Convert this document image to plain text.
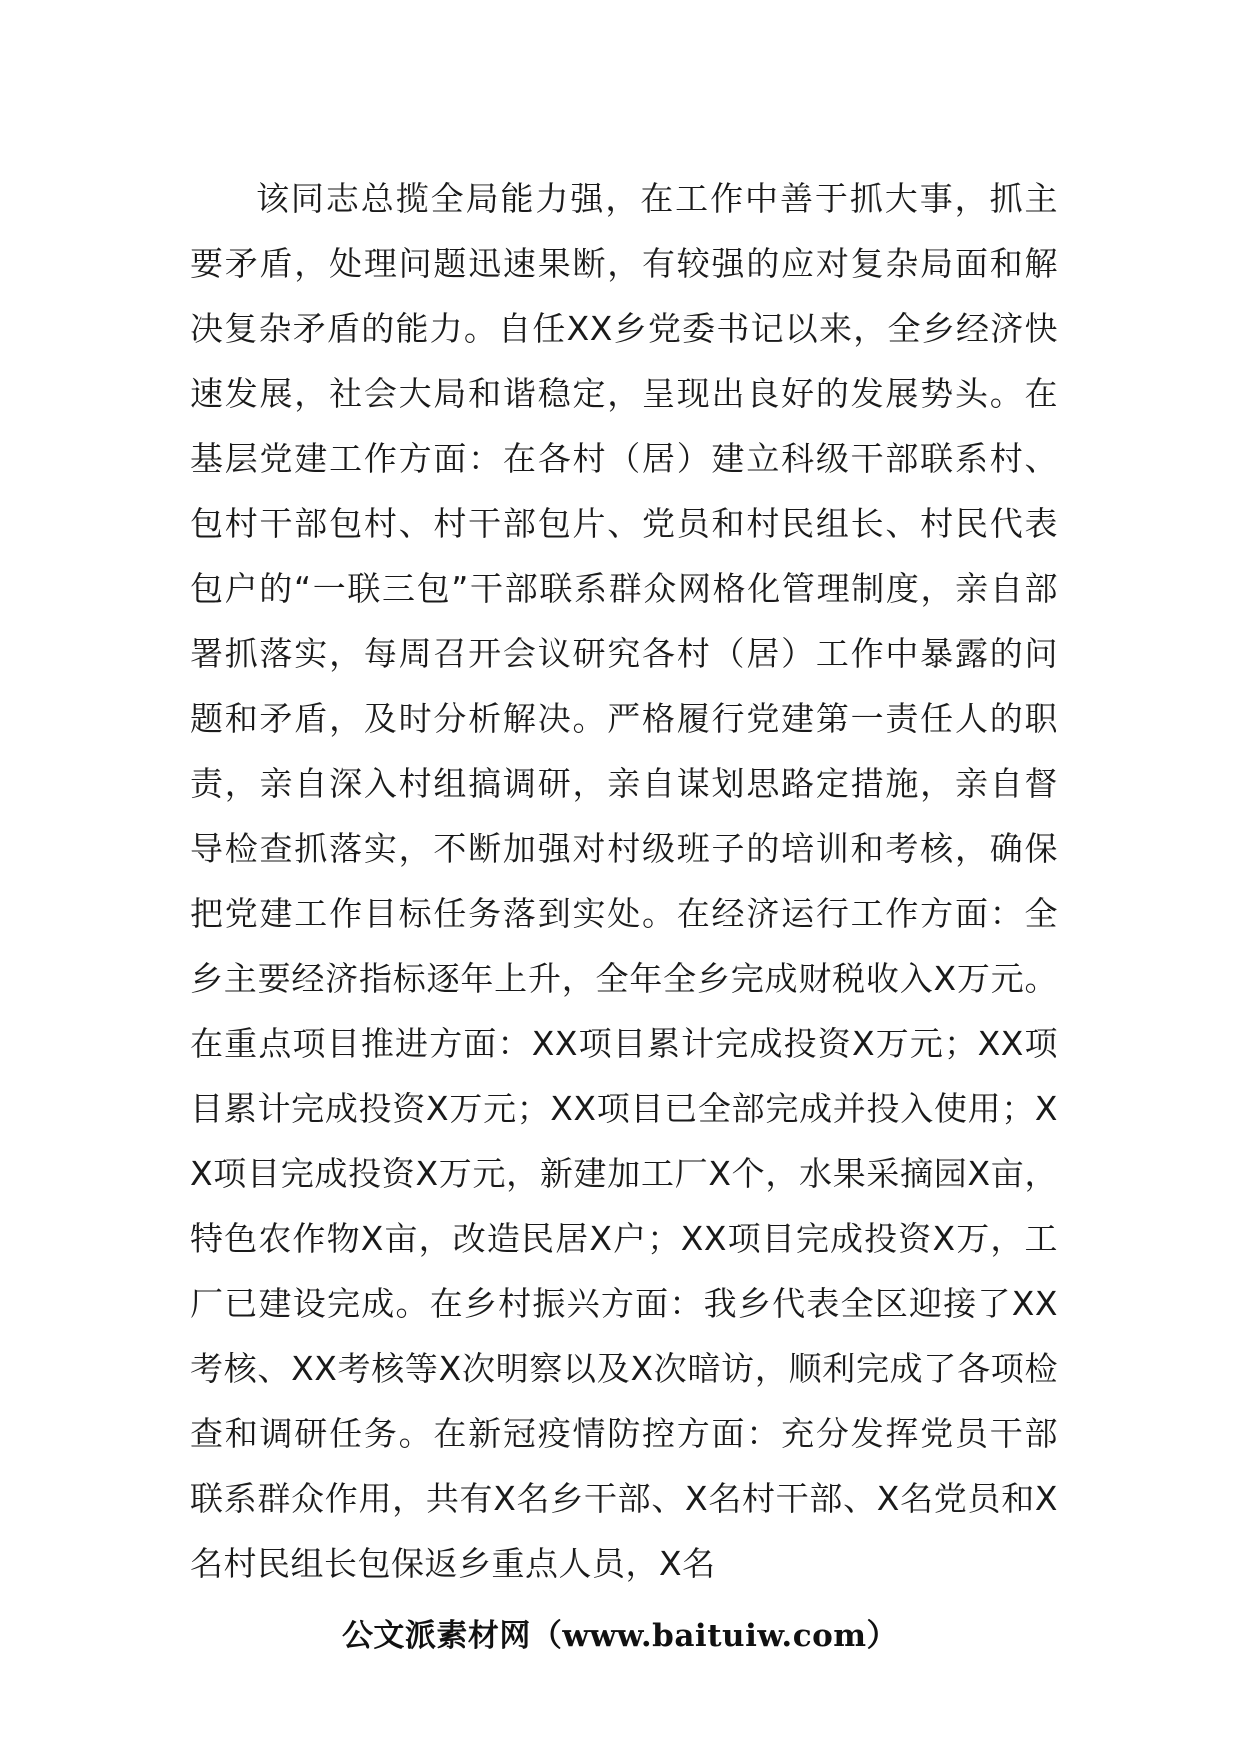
该同志总揽全局能力强，在工作中善于抓大事，抓主要矛盾，处理问题迅速果断，有较强的应对复杂局面和解决复杂矛盾的能力。自任XX乡党委书记以来，全乡经济快速发展，社会大局和谐稳定，呈现出良好的发展势头。在基层党建工作方面：在各村（居）建立科级干部联系村、包村干部包村、村干部包片、党员和村民组长、村民代表包户的“一联三包”干部联系群众网格化管理制度，亲自部署抓落实，每周召开会议研究各村（居）工作中暴露的问题和矛盾，及时分析解决。严格履行党建第一责任人的职责，亲自深入村组搞调研，亲自谋划思路定措施，亲自督导检查抓落实，不断加强对村级班子的培训和考核，确保把党建工作目标任务落到实处。在经济运行工作方面：全乡主要经济指标逐年上升，全年全乡完成财税收入X万元。在重点项目推进方面：XX项目累计完成投资X万元；XX项目累计完成投资X万元；XX项目已全部完成并投入使用；XX项目完成投资X万元，新建加工厂X个，水果采摘园X亩，特色农作物X亩，改造民居X户；XX项目完成投资X万，工厂已建设完成。在乡村振兴方面：我乡代表全区迎接了XX考核、XX考核等X次明察以及X次暗访，顺利完成了各项检查和调研任务。在新冠疫情防控方面：充分发挥党员干部联系群众作用，共有X名乡干部、X名村干部、X名党员和X名村民组长包保返乡重点人员，X名

公文派素材网（www.baituiw.com）
